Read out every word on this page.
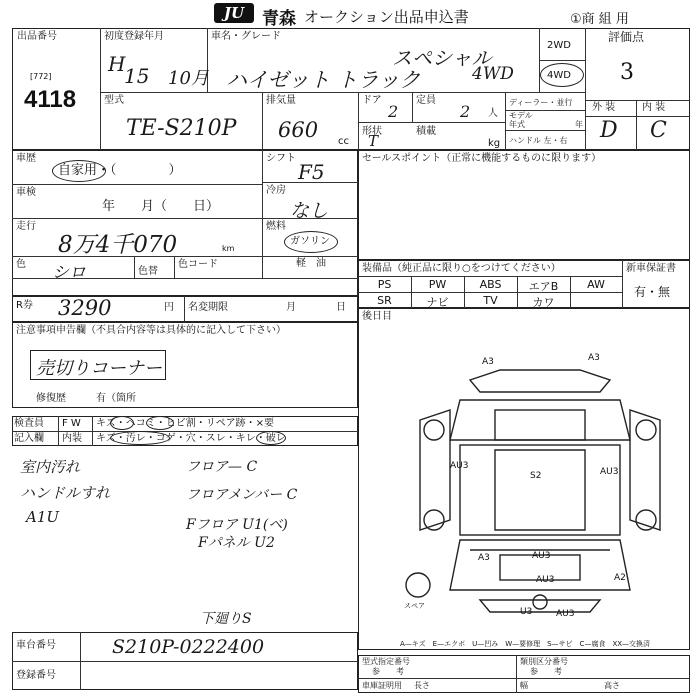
JU	青森 オークション出品申込書	①商 組 用
出品番号
[772]
4118
初度登録年月
H
15 10月
車名・グレード
スペシャル
ハイゼット トラック	4WD
2WD
4WD
評価点
3
型式
TE-S210P
排気量
660 cc
ドア
2
定員
2 人
形状
T
積載
kg
ディーラー・並行
モデル
年式	年
ハンドル 左・右
外 装	内 装
D C
車歴
自家用・（　　　　）
車検
年　　月（　　日）
走行
8万4千070	km
色 シロ	色替
色コード
シフト
F5
冷房
なし
燃料
ガソリン
軽　油
R券 3290	円 名変期限	月	日
注意事項申告欄（不具合内容等は具体的に記入して下さい）
売切りコーナー
修復歴　　　有（箇所
検査員 F W キズ・ヘコミ・ヒビ割・リペア跡・×要
記入欄 内装 キズ・汚レ・コゲ・穴・スレ・キレ・破レ
室内汚れ
ハンドルすれ
A1U
フロア— C
フロアメンバー C
Fフロア U1(ベ)
Fパネル U2
下廻りS
セールスポイント（正常に機能するものに限ります）
装備品（純正品に限り○をつけてください）	新車保証書
有・無
PS	PW	ABS	エアB	AW
SR	ナビ	TV	カワ
後日目
A3	A3
AU3
S2	AU3
AU3
A3
AU3	A2
U3	AU3
スペア
A—キズ　E—エクボ　U—凹み　W—要修理　S—サビ　C—腐食　XX—交換済
車台番号	S210P-0222400
登録番号
型式指定番号
参　　考
類別区分番号
参　　考
車庫証明用 長さ	幅	高さ
